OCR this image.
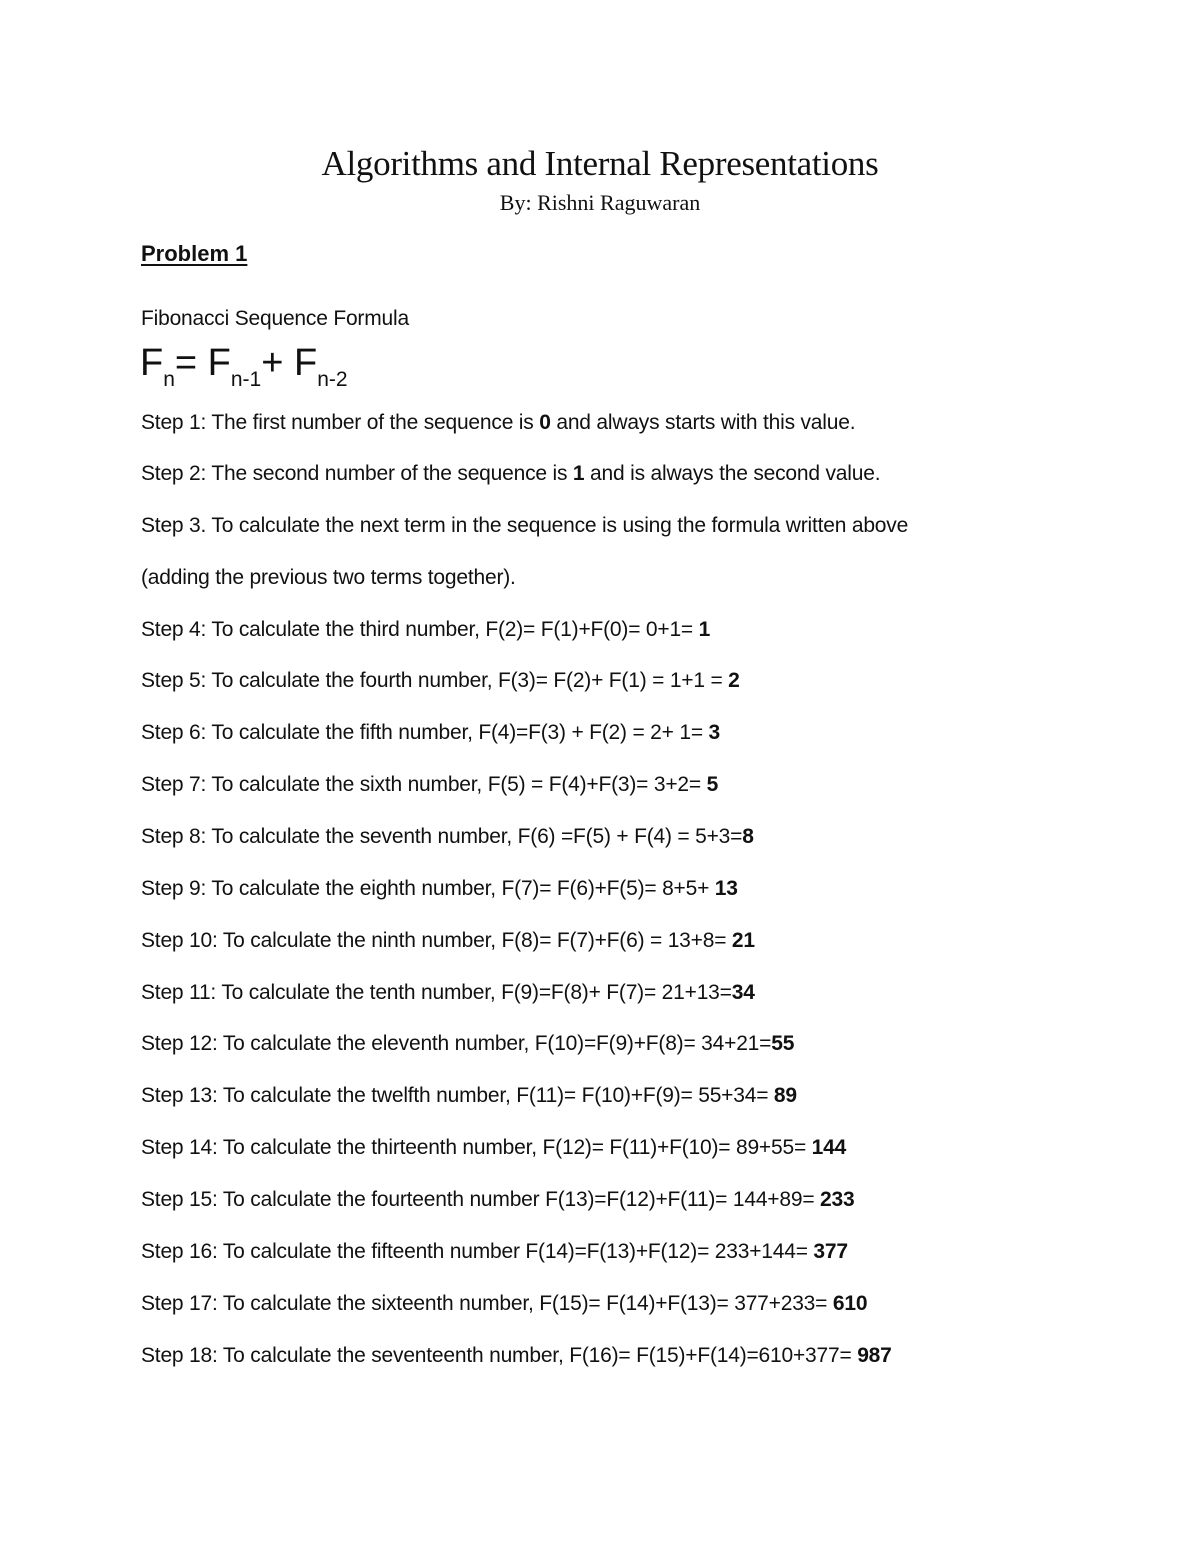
Algorithms and Internal Representations
By: Rishni Raguwaran
Problem 1
Fibonacci Sequence Formula
$F_n= F_{n-1}+ F_{n-2}$
Step 1: The first number of the sequence is 0 and always starts with this value.
Step 2: The second number of the sequence is 1 and is always the second value.
Step 3. To calculate the next term in the sequence is using the formula written above
(adding the previous two terms together).
Step 4: To calculate the third number, F(2)= F(1)+F(0)= 0+1= 1
Step 5: To calculate the fourth number, F(3)= F(2)+ F(1) = 1+1 = 2
Step 6: To calculate the fifth number, F(4)=F(3) + F(2) = 2+ 1= 3
Step 7: To calculate the sixth number, F(5) = F(4)+F(3)= 3+2= 5
Step 8: To calculate the seventh number, F(6) =F(5) + F(4) = 5+3=8
Step 9: To calculate the eighth number, F(7)= F(6)+F(5)= 8+5+ 13
Step 10: To calculate the ninth number, F(8)= F(7)+F(6) = 13+8= 21
Step 11: To calculate the tenth number, F(9)=F(8)+ F(7)= 21+13=34
Step 12: To calculate the eleventh number, F(10)=F(9)+F(8)= 34+21=55
Step 13: To calculate the twelfth number, F(11)= F(10)+F(9)= 55+34= 89
Step 14: To calculate the thirteenth number, F(12)= F(11)+F(10)= 89+55= 144
Step 15: To calculate the fourteenth number F(13)=F(12)+F(11)= 144+89= 233
Step 16: To calculate the fifteenth number F(14)=F(13)+F(12)= 233+144= 377
Step 17: To calculate the sixteenth number, F(15)= F(14)+F(13)= 377+233= 610
Step 18: To calculate the seventeenth number, F(16)= F(15)+F(14)=610+377= 987
